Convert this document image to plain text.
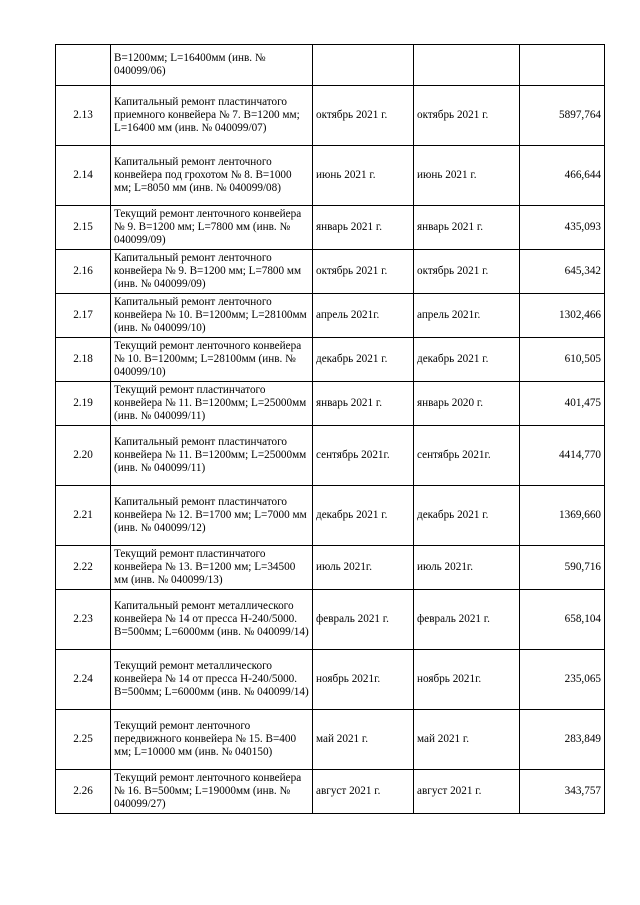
	B=1200мм; L=16400мм (инв. № 040099/06)			
2.13	Капитальный ремонт пластинчатого приемного конвейера № 7. B=1200 мм; L=16400 мм (инв. № 040099/07)	октябрь 2021 г.	октябрь 2021 г.	5897,764
2.14	Капитальный ремонт ленточного конвейера под грохотом № 8. B=1000 мм; L=8050 мм (инв. № 040099/08)	июнь 2021 г.	июнь 2021 г.	466,644
2.15	Текущий ремонт ленточного конвейера № 9. B=1200 мм; L=7800 мм (инв. № 040099/09)	январь 2021 г.	январь 2021 г.	435,093
2.16	Капитальный ремонт ленточного конвейера № 9. B=1200 мм; L=7800 мм (инв. № 040099/09)	октябрь 2021 г.	октябрь 2021 г.	645,342
2.17	Капитальный ремонт ленточного конвейера № 10. B=1200мм; L=28100мм (инв. № 040099/10)	апрель 2021г.	апрель 2021г.	1302,466
2.18	Текущий ремонт ленточного конвейера № 10. B=1200мм; L=28100мм (инв. № 040099/10)	декабрь 2021 г.	декабрь 2021 г.	610,505
2.19	Текущий ремонт пластинчатого конвейера № 11. B=1200мм; L=25000мм (инв. № 040099/11)	январь 2021 г.	январь 2020 г.	401,475
2.20	Капитальный ремонт пластинчатого конвейера № 11. B=1200мм; L=25000мм (инв. № 040099/11)	сентябрь 2021г.	сентябрь 2021г.	4414,770
2.21	Капитальный ремонт пластинчатого конвейера № 12. B=1700 мм; L=7000 мм (инв. № 040099/12)	декабрь 2021 г.	декабрь 2021 г.	1369,660
2.22	Текущий ремонт пластинчатого конвейера № 13. B=1200 мм; L=34500 мм (инв. № 040099/13)	июль 2021г.	июль 2021г.	590,716
2.23	Капитальный ремонт металлического конвейера № 14 от пресса Н-240/5000. B=500мм; L=6000мм (инв. № 040099/14)	февраль 2021 г.	февраль 2021 г.	658,104
2.24	Текущий ремонт металлического конвейера № 14 от пресса Н-240/5000. B=500мм; L=6000мм (инв. № 040099/14)	ноябрь 2021г.	ноябрь 2021г.	235,065
2.25	Текущий ремонт ленточного передвижного конвейера № 15. B=400 мм; L=10000 мм (инв. № 040150)	май 2021 г.	май 2021 г.	283,849
2.26	Текущий ремонт ленточного конвейера № 16. B=500мм; L=19000мм (инв. № 040099/27)	август 2021 г.	август 2021 г.	343,757
